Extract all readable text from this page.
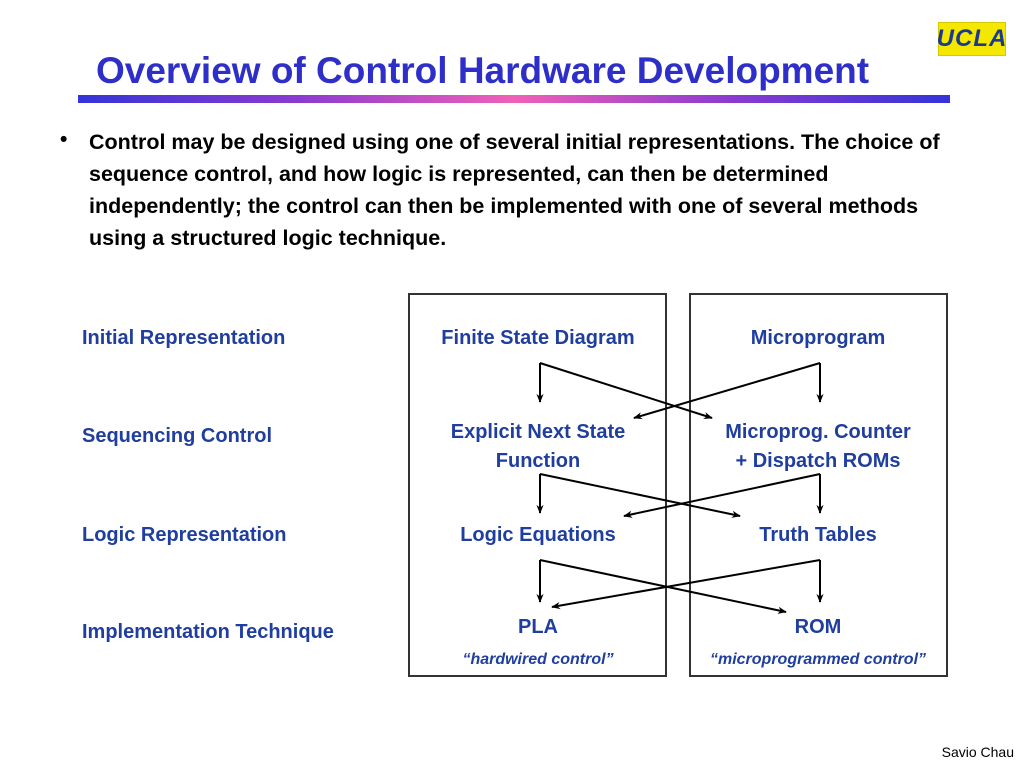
UCLA
Overview of Control Hardware Development
• Control may be designed using one of several initial representations. The choice of sequence control, and how logic is represented, can then be determined independently; the control can then be implemented with one of several methods using a structured logic technique.
Initial Representation
Sequencing Control
Logic Representation
Implementation Technique
Finite State Diagram
Explicit Next State
Function
Logic Equations
PLA
“hardwired control”
Microprogram
Microprog. Counter
+ Dispatch ROMs
Truth Tables
ROM
“microprogrammed control”
Savio Chau
